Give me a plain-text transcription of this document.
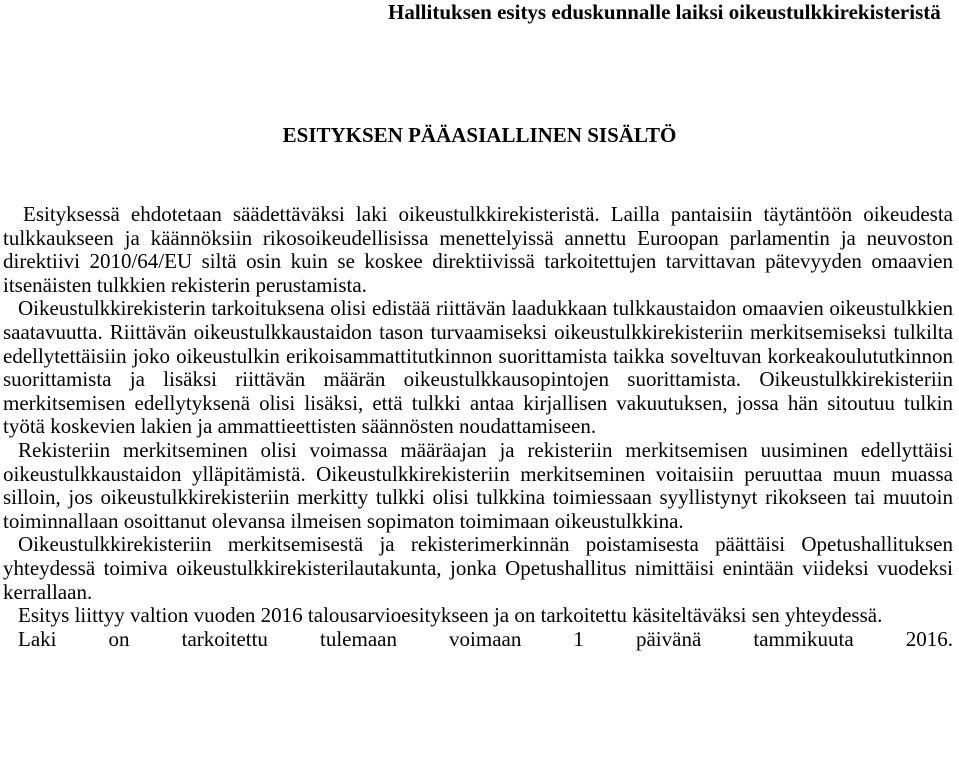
Hallituksen esitys eduskunnalle laiksi oikeustulkkirekisteristä
ESITYKSEN PÄÄASIALLINEN SISÄLTÖ

Esityksessä ehdotetaan säädettäväksi laki oikeustulkkirekisteristä. Lailla pantaisiin täytäntöön oikeudesta tulkkaukseen ja käännöksiin rikosoikeudellisissa menettelyissä annettu Euroopan parlamentin ja neuvoston direktiivi 2010/64/EU siltä osin kuin se koskee direktiivissä tarkoitettujen tarvittavan pätevyyden omaavien itsenäisten tulkkien rekisterin perustamista.

Oikeustulkkirekisterin tarkoituksena olisi edistää riittävän laadukkaan tulkkaustaidon omaavien oikeustulkkien saatavuutta. Riittävän oikeustulkkaustaidon tason turvaamiseksi oikeustulkkirekisteriin merkitsemiseksi tulkilta edellytettäisiin joko oikeustulkin erikoisammattitutkinnon suorittamista taikka soveltuvan korkeakoulututkinnon suorittamista ja lisäksi riittävän määrän oikeustulkkausopintojen suorittamista. Oikeustulkkirekisteriin merkitsemisen edellytyksenä olisi lisäksi, että tulkki antaa kirjallisen vakuutuksen, jossa hän sitoutuu tulkin työtä koskevien lakien ja ammattieettisten säännösten noudattamiseen.

Rekisteriin merkitseminen olisi voimassa määräajan ja rekisteriin merkitsemisen uusiminen edellyttäisi oikeustulkkaustaidon ylläpitämistä. Oikeustulkkirekisteriin merkitseminen voitaisiin peruuttaa muun muassa silloin, jos oikeustulkkirekisteriin merkitty tulkki olisi tulkkina toimiessaan syyllistynyt rikokseen tai muutoin toiminnallaan osoittanut olevansa ilmeisen sopimaton toimimaan oikeustulkkina.

Oikeustulkkirekisteriin merkitsemisestä ja rekisterimerkinnän poistamisesta päättäisi Opetushallituksen yhteydessä toimiva oikeustulkkirekisterilautakunta, jonka Opetushallitus nimittäisi enintään viideksi vuodeksi kerrallaan.

Esitys liittyy valtion vuoden 2016 talousarvioesitykseen ja on tarkoitettu käsiteltäväksi sen yhteydessä.

Laki on tarkoitettu tulemaan voimaan 1 päivänä tammikuuta 2016.
